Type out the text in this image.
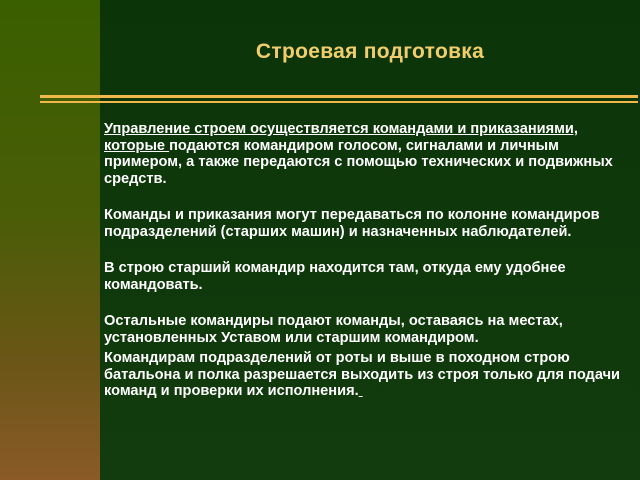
Строевая подготовка

Управление строем осуществляется командами и приказаниями, которые подаются командиром голосом, сигналами и личным примером, а также передаются с помощью технических и подвижных средств.

Команды и приказания могут передаваться по колонне командиров подразделений (старших машин) и назначенных наблюдателей.

В строю старший командир находится там, откуда ему удобнее командовать.

Остальные командиры подают команды, оставаясь на местах, установленных Уставом или старшим командиром.

Командирам подразделений от роты и выше в походном строю батальона и полка разрешается выходить из строя только для подачи команд и проверки их исполнения.
